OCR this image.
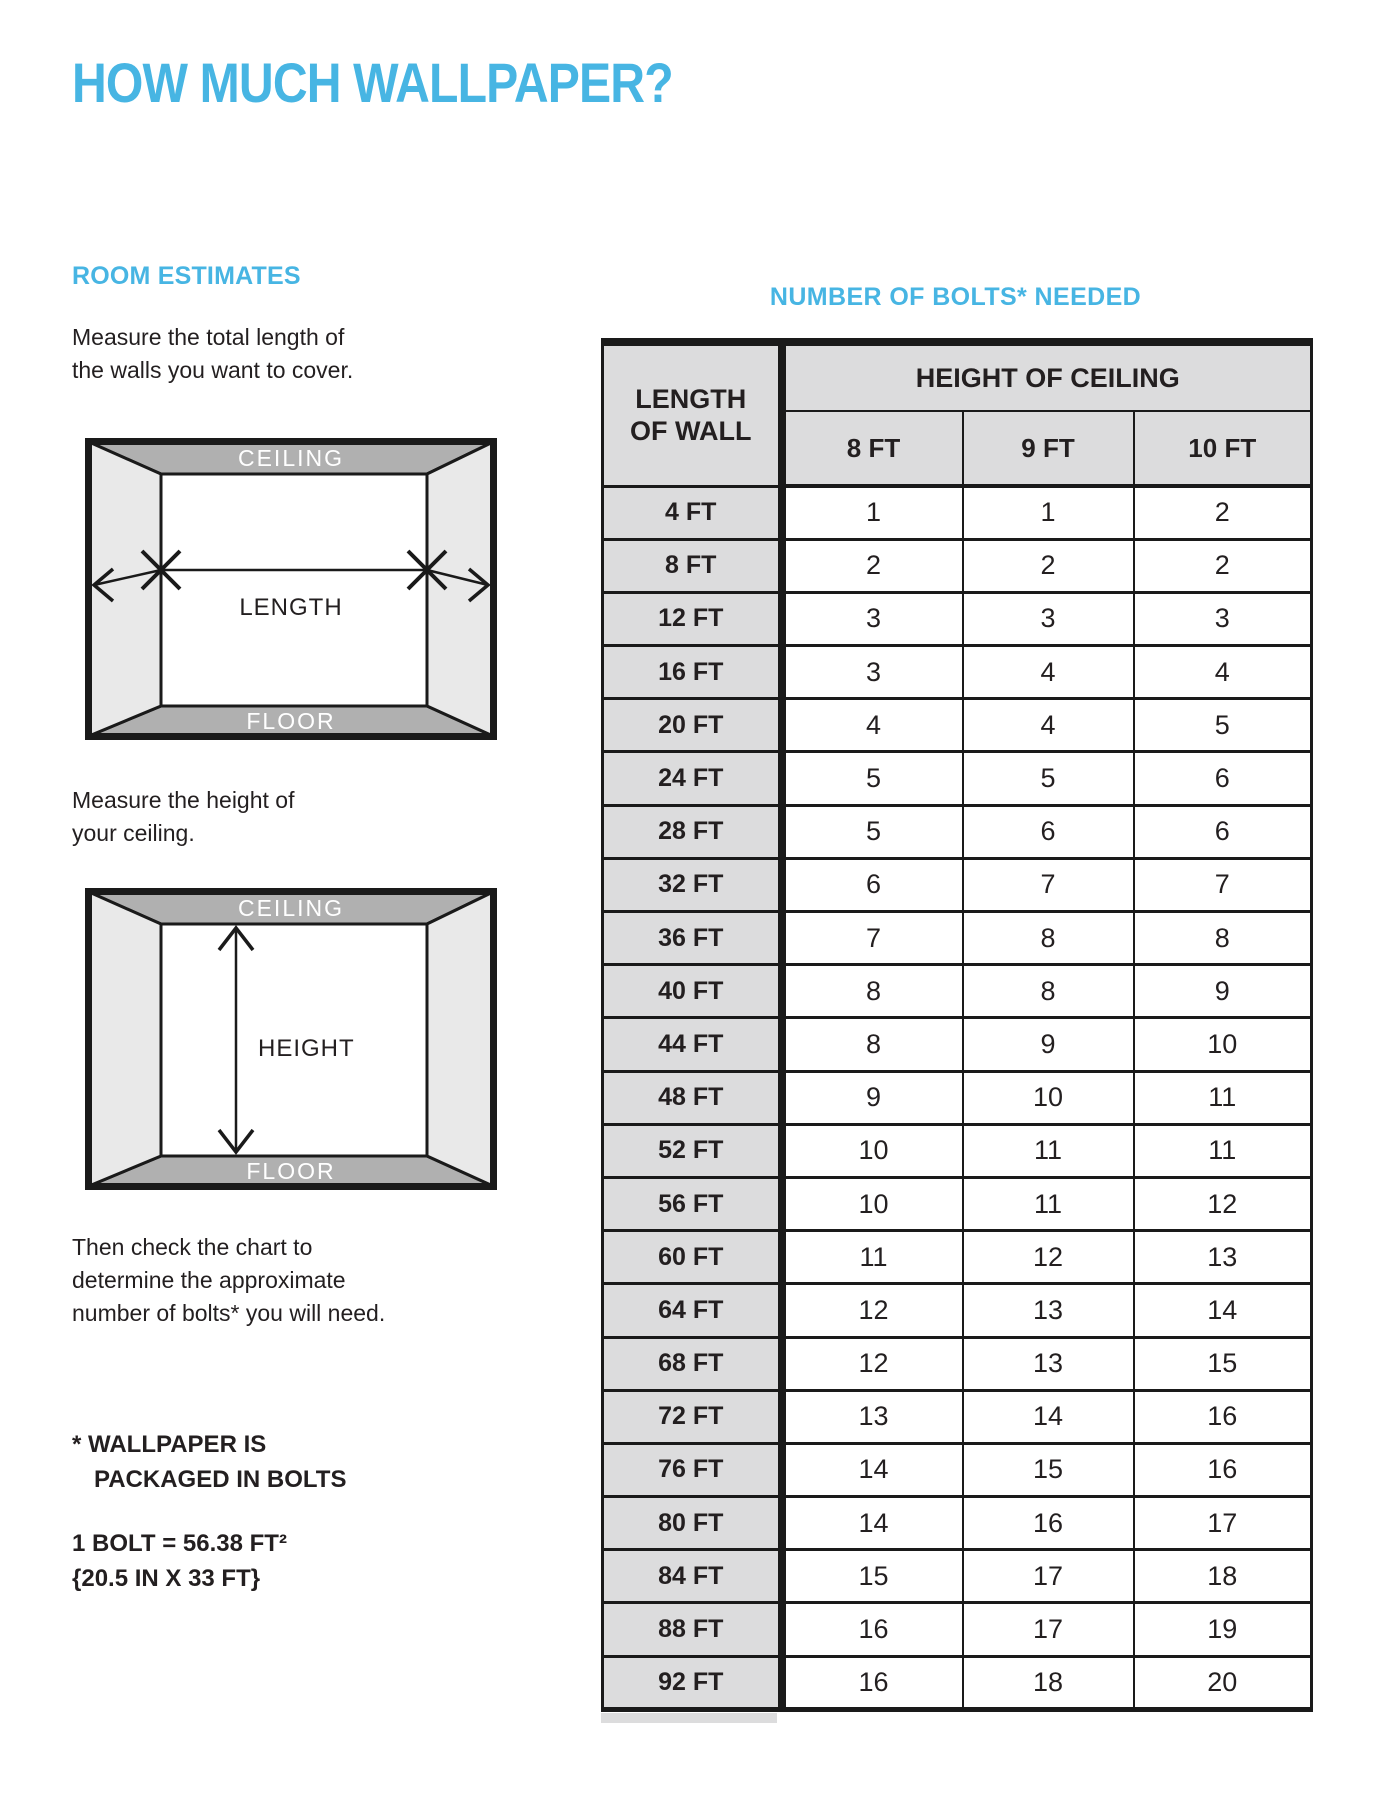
HOW MUCH WALLPAPER?
ROOM ESTIMATES

Measure the total length of
the walls you want to cover.

CEILING
FLOOR
LENGTH

Measure the height of
your ceiling.

CEILING
FLOOR
HEIGHT

Then check the chart to
determine the approximate
number of bolts* you will need.

* WALLPAPER IS
PACKAGED IN BOLTS

1 BOLT = 56.38 FT²
{20.5 IN X 33 FT}

NUMBER OF BOLTS* NEEDED
LENGTH
OF WALL	HEIGHT OF CEILING		
	8 FT	9 FT	10 FT
4 FT	1	1	2
8 FT	2	2	2
12 FT	3	3	3
16 FT	3	4	4
20 FT	4	4	5
24 FT	5	5	6
28 FT	5	6	6
32 FT	6	7	7
36 FT	7	8	8
40 FT	8	8	9
44 FT	8	9	10
48 FT	9	10	11
52 FT	10	11	11
56 FT	10	11	12
60 FT	11	12	13
64 FT	12	13	14
68 FT	12	13	15
72 FT	13	14	16
76 FT	14	15	16
80 FT	14	16	17
84 FT	15	17	18
88 FT	16	17	19
92 FT	16	18	20
